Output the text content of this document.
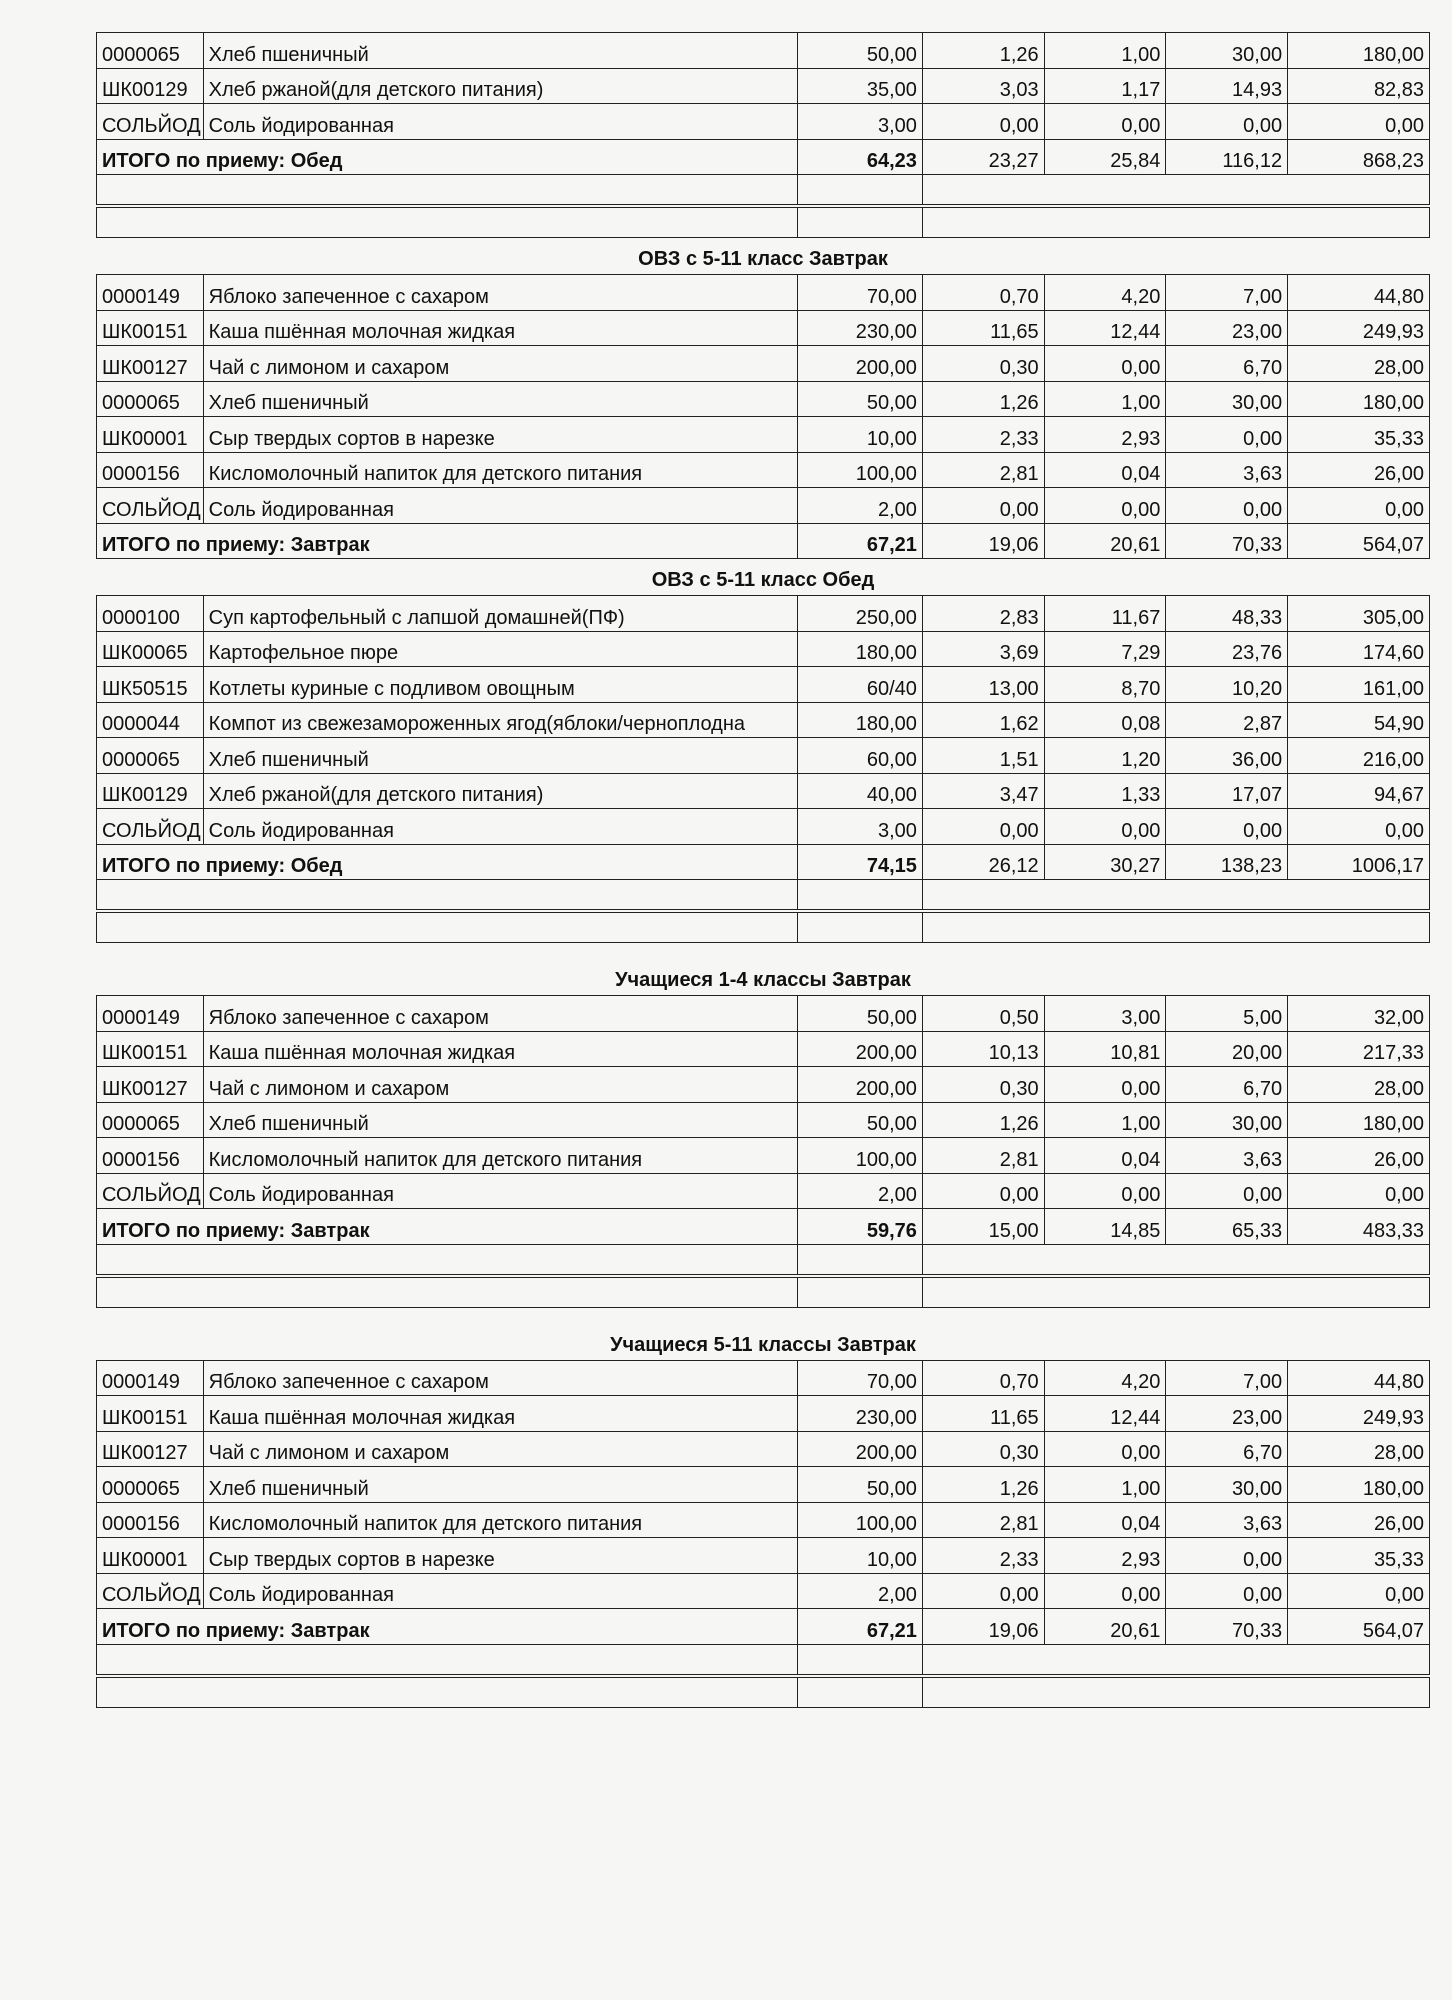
0000065	Хлеб пшеничный	50,00	1,26	1,00	30,00	180,00
ШК00129	Хлеб ржаной(для детского питания)	35,00	3,03	1,17	14,93	82,83
СОЛЬЙОД	Соль йодированная	3,00	0,00	0,00	0,00	0,00
ИТОГО по приему: Обед		64,23	23,27	25,84	116,12	868,23

ОВЗ с 5-11 класс Завтрак
0000149	Яблоко запеченное с сахаром	70,00	0,70	4,20	7,00	44,80
ШК00151	Каша пшённая молочная жидкая	230,00	11,65	12,44	23,00	249,93
ШК00127	Чай с лимоном и сахаром	200,00	0,30	0,00	6,70	28,00
0000065	Хлеб пшеничный	50,00	1,26	1,00	30,00	180,00
ШК00001	Сыр твердых сортов в нарезке	10,00	2,33	2,93	0,00	35,33
0000156	Кисломолочный напиток для детского питания	100,00	2,81	0,04	3,63	26,00
СОЛЬЙОД	Соль йодированная	2,00	0,00	0,00	0,00	0,00
ИТОГО по приему: Завтрак		67,21	19,06	20,61	70,33	564,07
ОВЗ с 5-11 класс Обед
0000100	Суп картофельный с лапшой домашней(ПФ)	250,00	2,83	11,67	48,33	305,00
ШК00065	Картофельное пюре	180,00	3,69	7,29	23,76	174,60
ШК50515	Котлеты куриные с подливом овощным	60/40	13,00	8,70	10,20	161,00
0000044	Компот из свежезамороженных ягод(яблоки/черноплодна	180,00	1,62	0,08	2,87	54,90
0000065	Хлеб пшеничный	60,00	1,51	1,20	36,00	216,00
ШК00129	Хлеб ржаной(для детского питания)	40,00	3,47	1,33	17,07	94,67
СОЛЬЙОД	Соль йодированная	3,00	0,00	0,00	0,00	0,00
ИТОГО по приему: Обед		74,15	26,12	30,27	138,23	1006,17

Учащиеся 1-4 классы Завтрак
0000149	Яблоко запеченное с сахаром	50,00	0,50	3,00	5,00	32,00
ШК00151	Каша пшённая молочная жидкая	200,00	10,13	10,81	20,00	217,33
ШК00127	Чай с лимоном и сахаром	200,00	0,30	0,00	6,70	28,00
0000065	Хлеб пшеничный	50,00	1,26	1,00	30,00	180,00
0000156	Кисломолочный напиток для детского питания	100,00	2,81	0,04	3,63	26,00
СОЛЬЙОД	Соль йодированная	2,00	0,00	0,00	0,00	0,00
ИТОГО по приему: Завтрак		59,76	15,00	14,85	65,33	483,33

Учащиеся 5-11 классы Завтрак
0000149	Яблоко запеченное с сахаром	70,00	0,70	4,20	7,00	44,80
ШК00151	Каша пшённая молочная жидкая	230,00	11,65	12,44	23,00	249,93
ШК00127	Чай с лимоном и сахаром	200,00	0,30	0,00	6,70	28,00
0000065	Хлеб пшеничный	50,00	1,26	1,00	30,00	180,00
0000156	Кисломолочный напиток для детского питания	100,00	2,81	0,04	3,63	26,00
ШК00001	Сыр твердых сортов в нарезке	10,00	2,33	2,93	0,00	35,33
СОЛЬЙОД	Соль йодированная	2,00	0,00	0,00	0,00	0,00
ИТОГО по приему: Завтрак		67,21	19,06	20,61	70,33	564,07
